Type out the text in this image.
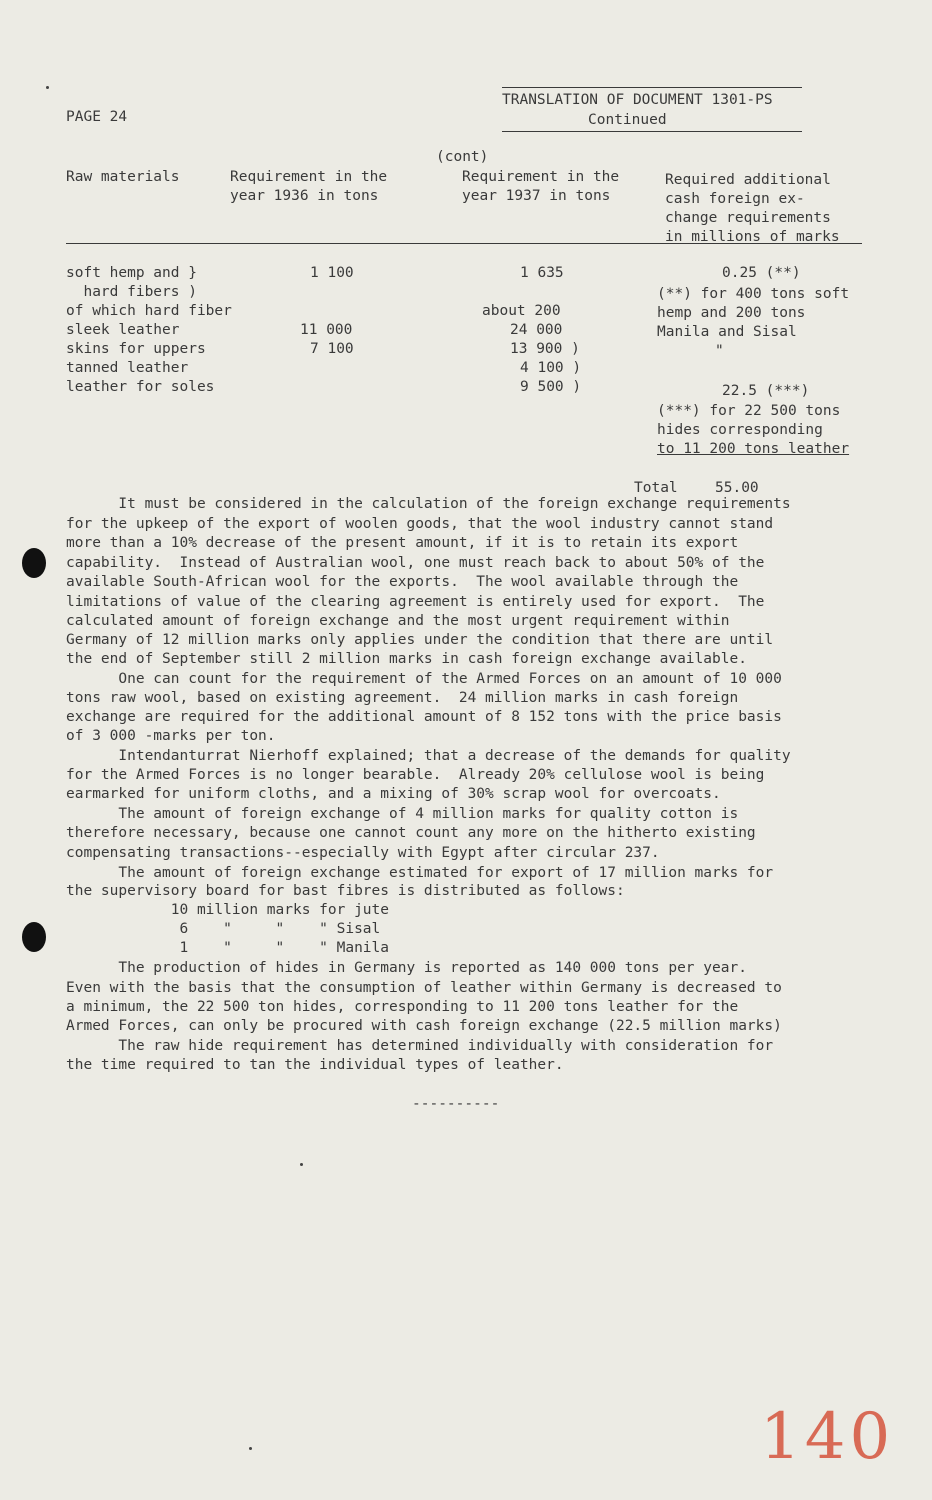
PAGE 24
TRANSLATION OF DOCUMENT 1301-PS
Continued
(cont)
Raw materials	Requirement in the
year 1936 in tons
Requirement in the
year 1937 in tons
Required additional
cash foreign ex-
change requirements
in millions of marks
soft hemp and }
hard fibers )
of which hard fiber
sleek leather
skins for uppers
tanned leather
leather for soles
1 100
11 000
7 100
1 635
about 200
24 000
13 900 )
4 100 )
9 500 )
0.25 (**)
(**) for 400 tons soft
hemp and 200 tons
Manila and Sisal
"
22.5 (***)
(***) for 22 500 tons
hides corresponding
to 11 200 tons leather
Total	55.00
It must be considered in the calculation of the foreign exchange requirements
for the upkeep of the export of woolen goods, that the wool industry cannot stand
more than a 10% decrease of the present amount, if it is to retain its export
capability.  Instead of Australian wool, one must reach back to about 50% of the
available South-African wool for the exports.  The wool available through the
limitations of value of the clearing agreement is entirely used for export.  The
calculated amount of foreign exchange and the most urgent requirement within
Germany of 12 million marks only applies under the condition that there are until
the end of September still 2 million marks in cash foreign exchange available.
One can count for the requirement of the Armed Forces on an amount of 10 000
tons raw wool, based on existing agreement.  24 million marks in cash foreign
exchange are required for the additional amount of 8 152 tons with the price basis
of 3 000 -marks per ton.
Intendanturrat Nierhoff explained; that a decrease of the demands for quality
for the Armed Forces is no longer bearable.  Already 20% cellulose wool is being
earmarked for uniform cloths, and a mixing of 30% scrap wool for overcoats.
The amount of foreign exchange of 4 million marks for quality cotton is
therefore necessary, because one cannot count any more on the hitherto existing
compensating transactions--especially with Egypt after circular 237.
The amount of foreign exchange estimated for export of 17 million marks for
the supervisory board for bast fibres is distributed as follows:
10 million marks for jute
6    "     "    " Sisal
1    "     "    " Manila
The production of hides in Germany is reported as 140 000 tons per year.
Even with the basis that the consumption of leather within Germany is decreased to
a minimum, the 22 500 ton hides, corresponding to 11 200 tons leather for the
Armed Forces, can only be procured with cash foreign exchange (22.5 million marks)
The raw hide requirement has determined individually with consideration for
the time required to tan the individual types of leather.
----------
140
